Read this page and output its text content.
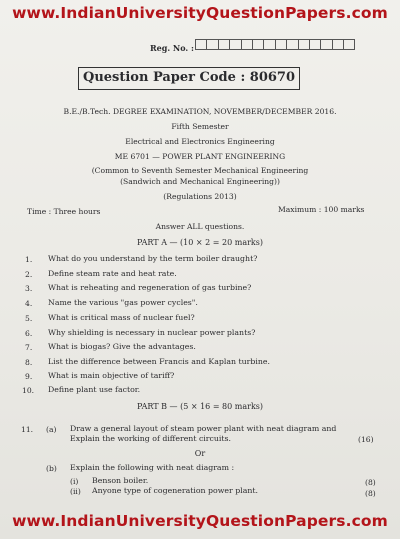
www.IndianUniversityQuestionPapers.com
Reg. No. :
Question Paper Code : 80670
B.E./B.Tech. DEGREE EXAMINATION, NOVEMBER/DECEMBER 2016.
Fifth Semester
Electrical and Electronics Engineering
ME 6701 — POWER PLANT ENGINEERING
(Common to Seventh Semester Mechanical Engineering
(Sandwich and Mechanical Engineering))
(Regulations 2013)
Time : Three hours	Maximum : 100 marks
Answer ALL questions.
PART A — (10 × 2 = 20 marks)
1. What do you understand by the term boiler draught?
2. Define steam rate and heat rate.
3. What is reheating and regeneration of gas turbine?
4. Name the various "gas power cycles".
5. What is critical mass of nuclear fuel?
6. Why shielding is necessary in nuclear power plants?
7. What is biogas? Give the advantages.
8. List the difference between Francis and Kaplan turbine.
9. What is main objective of tariff?
10. Define plant use factor.
PART B — (5 × 16 = 80 marks)
11. (a) Draw a general layout of steam power plant with neat diagram and
Explain the working of different circuits.	(16)
Or
(b) Explain the following with neat diagram :
(i) Benson boiler.	(8)
(ii) Anyone type of cogeneration power plant.	(8)
www.IndianUniversityQuestionPapers.com
